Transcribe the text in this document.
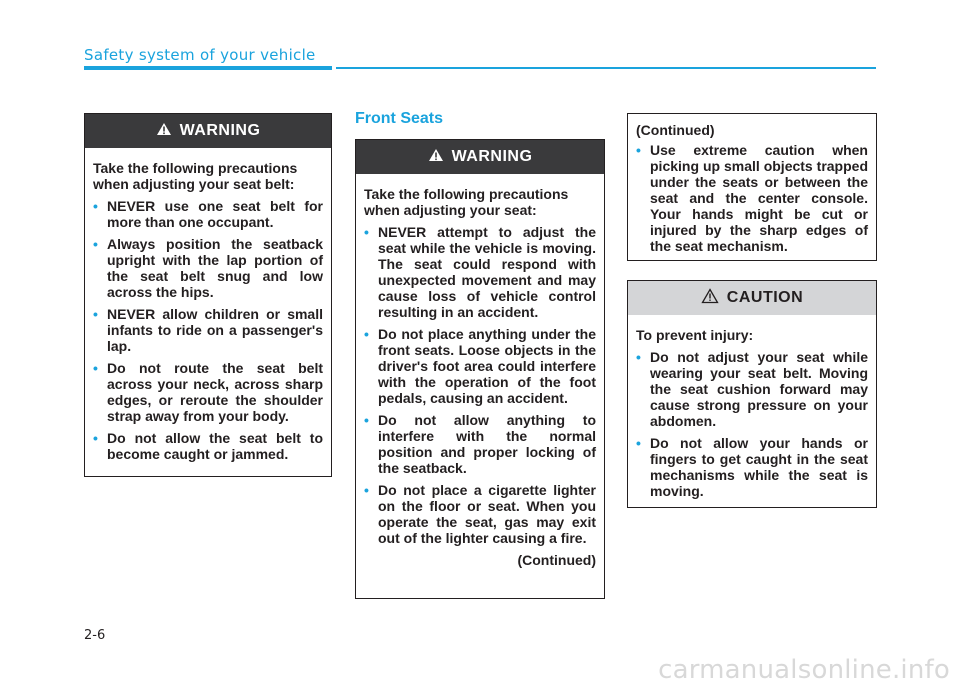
Safety system of your vehicle
WARNING

Take the following precautions when adjusting your seat belt:

• NEVER use one seat belt for more than one occupant.
• Always position the seatback upright with the lap portion of the seat belt snug and low across the hips.
• NEVER allow children or small infants to ride on a passenger's lap.
• Do not route the seat belt across your neck, across sharp edges, or reroute the shoulder strap away from your body.
• Do not allow the seat belt to become caught or jammed.
Front Seats
WARNING

Take the following precautions when adjusting your seat:

• NEVER attempt to adjust the seat while the vehicle is moving. The seat could respond with unexpected movement and may cause loss of vehicle control resulting in an accident.
• Do not place anything under the front seats. Loose objects in the driver's foot area could interfere with the operation of the foot pedals, causing an accident.
• Do not allow anything to interfere with the normal position and proper locking of the seatback.
• Do not place a cigarette lighter on the floor or seat. When you operate the seat, gas may exit out of the lighter causing a fire.
(Continued)

(Continued)

• Use extreme caution when picking up small objects trapped under the seats or between the seat and the center console. Your hands might be cut or injured by the sharp edges of the seat mechanism.
CAUTION

To prevent injury:

• Do not adjust your seat while wearing your seat belt. Moving the seat cushion forward may cause strong pressure on your abdomen.
• Do not allow your hands or fingers to get caught in the seat mechanisms while the seat is moving.
2-6
carmanualsonline.info
